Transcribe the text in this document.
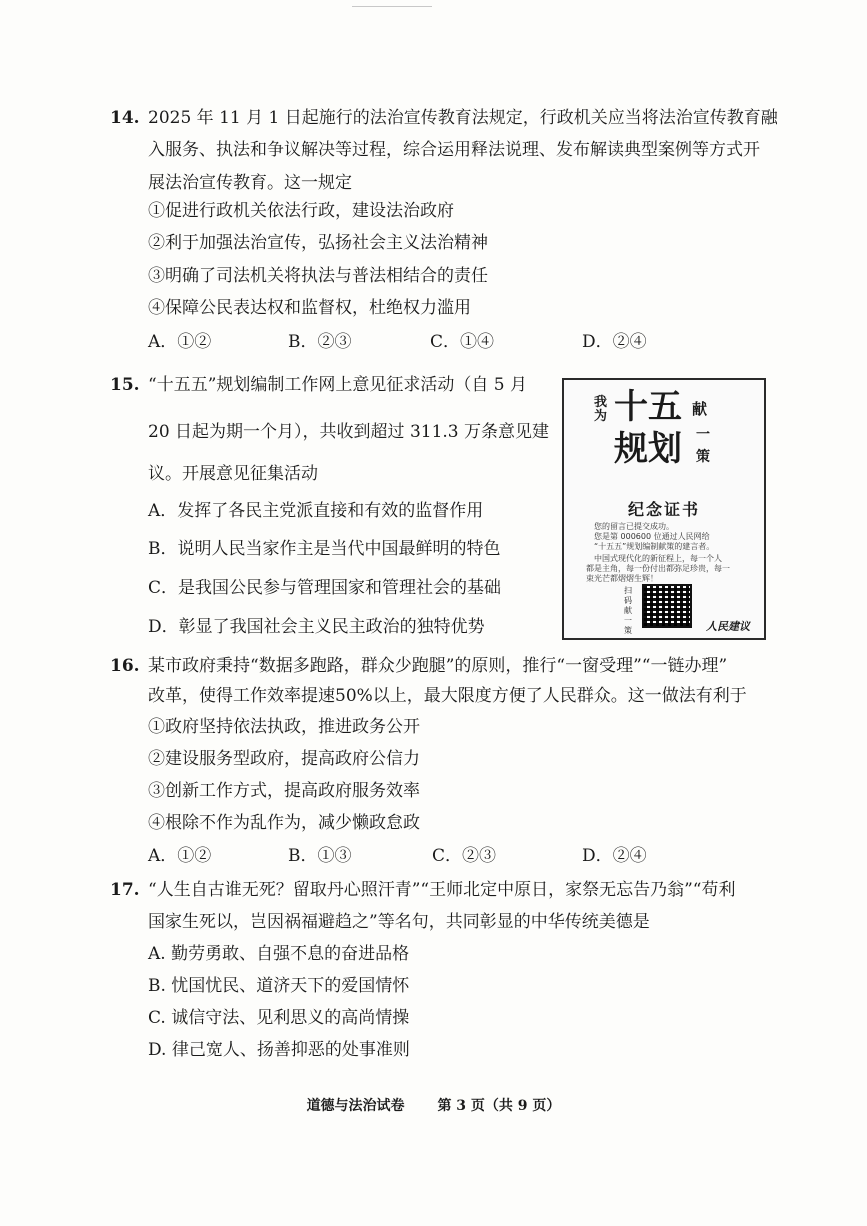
14. 2025 年 11 月 1 日起施行的法治宣传教育法规定，行政机关应当将法治宣传教育融
入服务、执法和争议解决等过程，综合运用释法说理、发布解读典型案例等方式开
展法治宣传教育。这一规定
①促进行政机关依法行政，建设法治政府
②利于加强法治宣传，弘扬社会主义法治精神
③明确了司法机关将执法与普法相结合的责任
④保障公民表达权和监督权，杜绝权力滥用
A．①②	B．②③	C．①④	D．②④
15. “十五五”规划编制工作网上意见征求活动（自 5 月
20 日起为期一个月），共收到超过 311.3 万条意见建
议。开展意见征集活动
A．发挥了各民主党派直接和有效的监督作用
B．说明人民当家作主是当代中国最鲜明的特色
C．是我国公民参与管理国家和管理社会的基础
D．彰显了我国社会主义民主政治的独特优势
我为 十五 献
规划 一策
纪念证书
您的留言已提交成功。
您是第 000600 位通过人民网给
“十五五”规划编制献策的建言者。
中国式现代化的新征程上，每一个人
都是主角，每一份付出都弥足珍贵，每一
束光芒都熠熠生辉！
扫码献一策	人民建议
16. 某市政府秉持“数据多跑路，群众少跑腿”的原则，推行“一窗受理”“一链办理”
改革，使得工作效率提速50%以上，最大限度方便了人民群众。这一做法有利于
①政府坚持依法执政，推进政务公开
②建设服务型政府，提高政府公信力
③创新工作方式，提高政府服务效率
④根除不作为乱作为，减少懒政怠政
A．①②	B．①③	C．②③	D．②④
17. “人生自古谁无死？留取丹心照汗青”“王师北定中原日，家祭无忘告乃翁”“苟利
国家生死以，岂因祸福避趋之”等名句，共同彰显的中华传统美德是
A. 勤劳勇敢、自强不息的奋进品格
B. 忧国忧民、道济天下的爱国情怀
C. 诚信守法、见利思义的高尚情操
D. 律己宽人、扬善抑恶的处事准则
道德与法治试卷 第 3 页（共 9 页）
